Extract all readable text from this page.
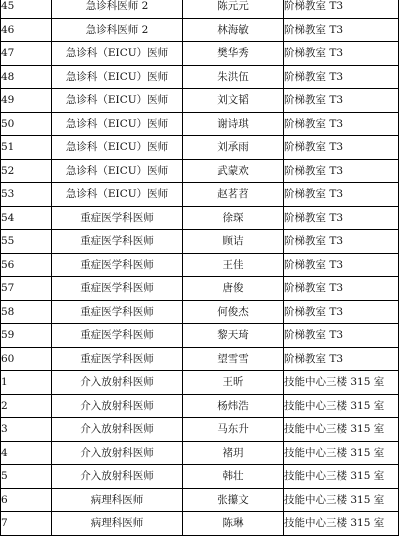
45	急诊科医师 2	陈元元	阶梯教室 T3
46	急诊科医师 2	林海敏	阶梯教室 T3
47	急诊科（EICU）医师	樊华秀	阶梯教室 T3
48	急诊科（EICU）医师	朱洪伍	阶梯教室 T3
49	急诊科（EICU）医师	刘文韬	阶梯教室 T3
50	急诊科（EICU）医师	谢诗琪	阶梯教室 T3
51	急诊科（EICU）医师	刘承雨	阶梯教室 T3
52	急诊科（EICU）医师	武蒙欢	阶梯教室 T3
53	急诊科（EICU）医师	赵茗苕	阶梯教室 T3
54	重症医学科医师	徐琛	阶梯教室 T3
55	重症医学科医师	顾诘	阶梯教室 T3
56	重症医学科医师	王佳	阶梯教室 T3
57	重症医学科医师	唐俊	阶梯教室 T3
58	重症医学科医师	何俊杰	阶梯教室 T3
59	重症医学科医师	黎天琦	阶梯教室 T3
60	重症医学科医师	望雪雪	阶梯教室 T3
1	介入放射科医师	王昕	技能中心三楼 315 室
2	介入放射科医师	杨炜浩	技能中心三楼 315 室
3	介入放射科医师	马东升	技能中心三楼 315 室
4	介入放射科医师	褚玥	技能中心三楼 315 室
5	介入放射科医师	韩壮	技能中心三楼 315 室
6	病理科医师	张攥文	技能中心三楼 315 室
7	病理科医师	陈琳	技能中心三楼 315 室
